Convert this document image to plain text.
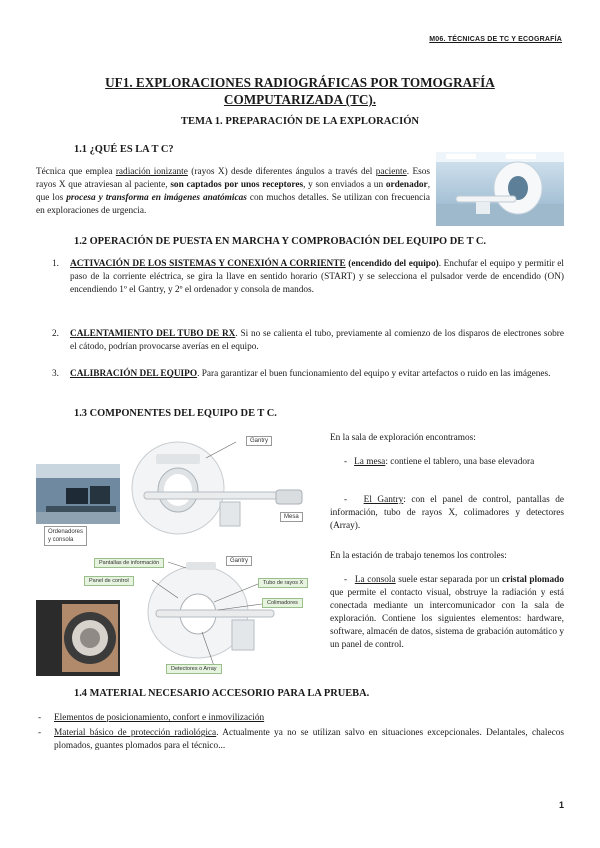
M06. TÉCNICAS DE TC Y ECOGRAFÍA
UF1. EXPLORACIONES RADIOGRÁFICAS POR TOMOGRAFÍA
COMPUTARIZADA (TC).
TEMA 1. PREPARACIÓN DE LA EXPLORACIÓN
1.1 ¿QUÉ ES LA T C?
Técnica que emplea radiación ionizante (rayos X) desde diferentes ángulos a través del paciente. Esos rayos X que atraviesan al paciente, son captados por unos receptores, y son enviados a un ordenador, que los procesa y transforma en imágenes anatómicas con muchos detalles. Se utilizan con frecuencia en exploraciones de urgencia.
1.2 OPERACIÓN DE PUESTA EN MARCHA Y COMPROBACIÓN DEL EQUIPO DE T C.
1. ACTIVACIÓN DE LOS SISTEMAS Y CONEXIÓN A CORRIENTE (encendido del equipo). Enchufar el equipo y permitir el paso de la corriente eléctrica, se gira la llave en sentido horario (START) y se selecciona el pulsador verde de encendido (ON) encendiendo 1º el Gantry, y 2º el ordenador y consola de mandos.
2. CALENTAMIENTO DEL TUBO DE RX. Si no se calienta el tubo, previamente al comienzo de los disparos de electrones sobre el cátodo, podrían provocarse averías en el equipo.
3. CALIBRACIÓN DEL EQUIPO. Para garantizar el buen funcionamiento del equipo y evitar artefactos o ruido en las imágenes.
1.3 COMPONENTES DEL EQUIPO DE T C.
Gantry
Mesa
Ordenadores
y consola
Gantry
Pantallas de información
Panel de control	Tubo de rayos X
Colimadores
Detectores o Array
En la sala de exploración encontramos:
-   La mesa: contiene el tablero, una base elevadora
-   El Gantry: con el panel de control, pantallas de información, tubo de rayos X, colimadores y detectores (Array).
En la estación de trabajo tenemos los controles:
-   La consola suele estar separada por un cristal plomado que permite el contacto visual, obstruye la radiación y está conectada mediante un intercomunicador con la sala de exploración. Contiene los siguientes elementos: hardware, software, almacén de datos, sistema de grabación automático y un panel de control.
1.4 MATERIAL NECESARIO ACCESORIO PARA LA PRUEBA.
- Elementos de posicionamiento, confort e inmovilización
- Material básico de protección radiológica. Actualmente ya no se utilizan salvo en situaciones excepcionales. Delantales, chalecos plomados, guantes plomados para el técnico...
1
